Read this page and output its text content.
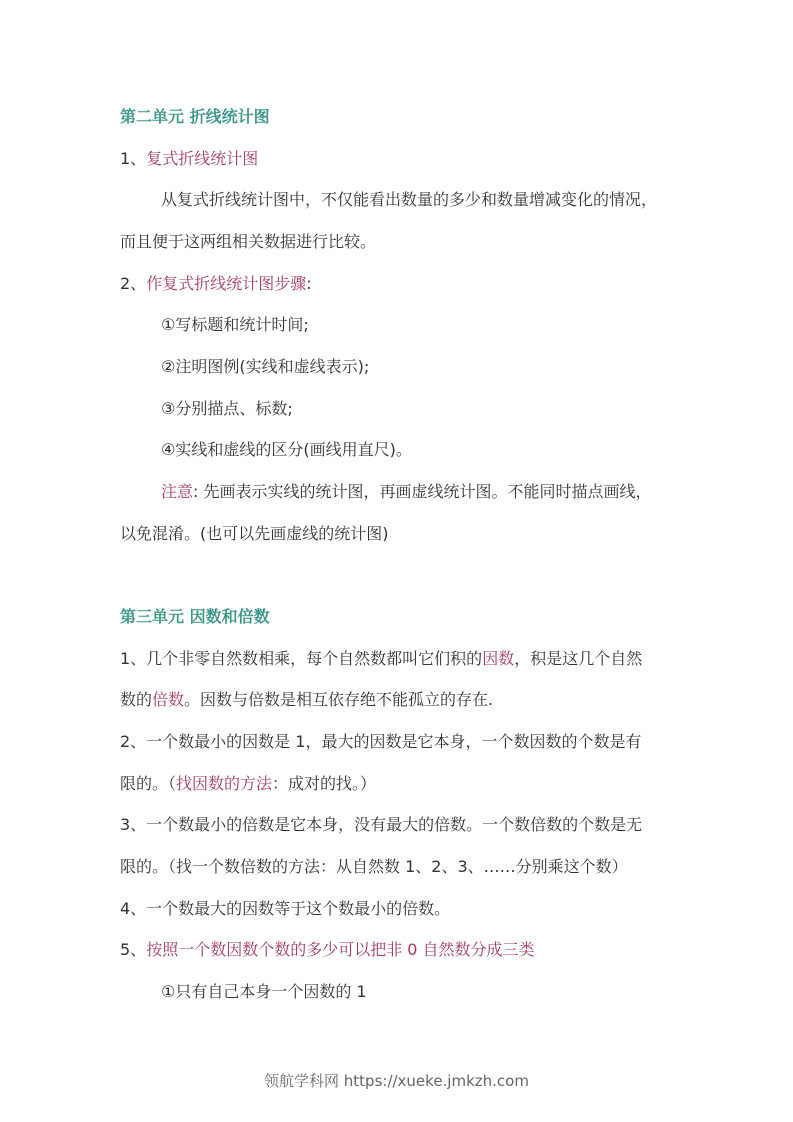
第二单元 折线统计图
1、复式折线统计图
从复式折线统计图中，不仅能看出数量的多少和数量增减变化的情况，
而且便于这两组相关数据进行比较。
2、作复式折线统计图步骤:
①写标题和统计时间;
②注明图例(实线和虚线表示);
③分别描点、标数;
④实线和虚线的区分(画线用直尺)。
注意: 先画表示实线的统计图，再画虚线统计图。不能同时描点画线，
以免混淆。(也可以先画虚线的统计图)
第三单元 因数和倍数
1、几个非零自然数相乘，每个自然数都叫它们积的因数，积是这几个自然
数的倍数。因数与倍数是相互依存绝不能孤立的存在.
2、一个数最小的因数是 1，最大的因数是它本身，一个数因数的个数是有
限的。（找因数的方法：成对的找。）
3、一个数最小的倍数是它本身，没有最大的倍数。一个数倍数的个数是无
限的。（找一个数倍数的方法：从自然数 1、2、3、……分别乘这个数）
4、一个数最大的因数等于这个数最小的倍数。
5、按照一个数因数个数的多少可以把非 0 自然数分成三类
①只有自己本身一个因数的 1
领航学科网 https://xueke.jmkzh.com
